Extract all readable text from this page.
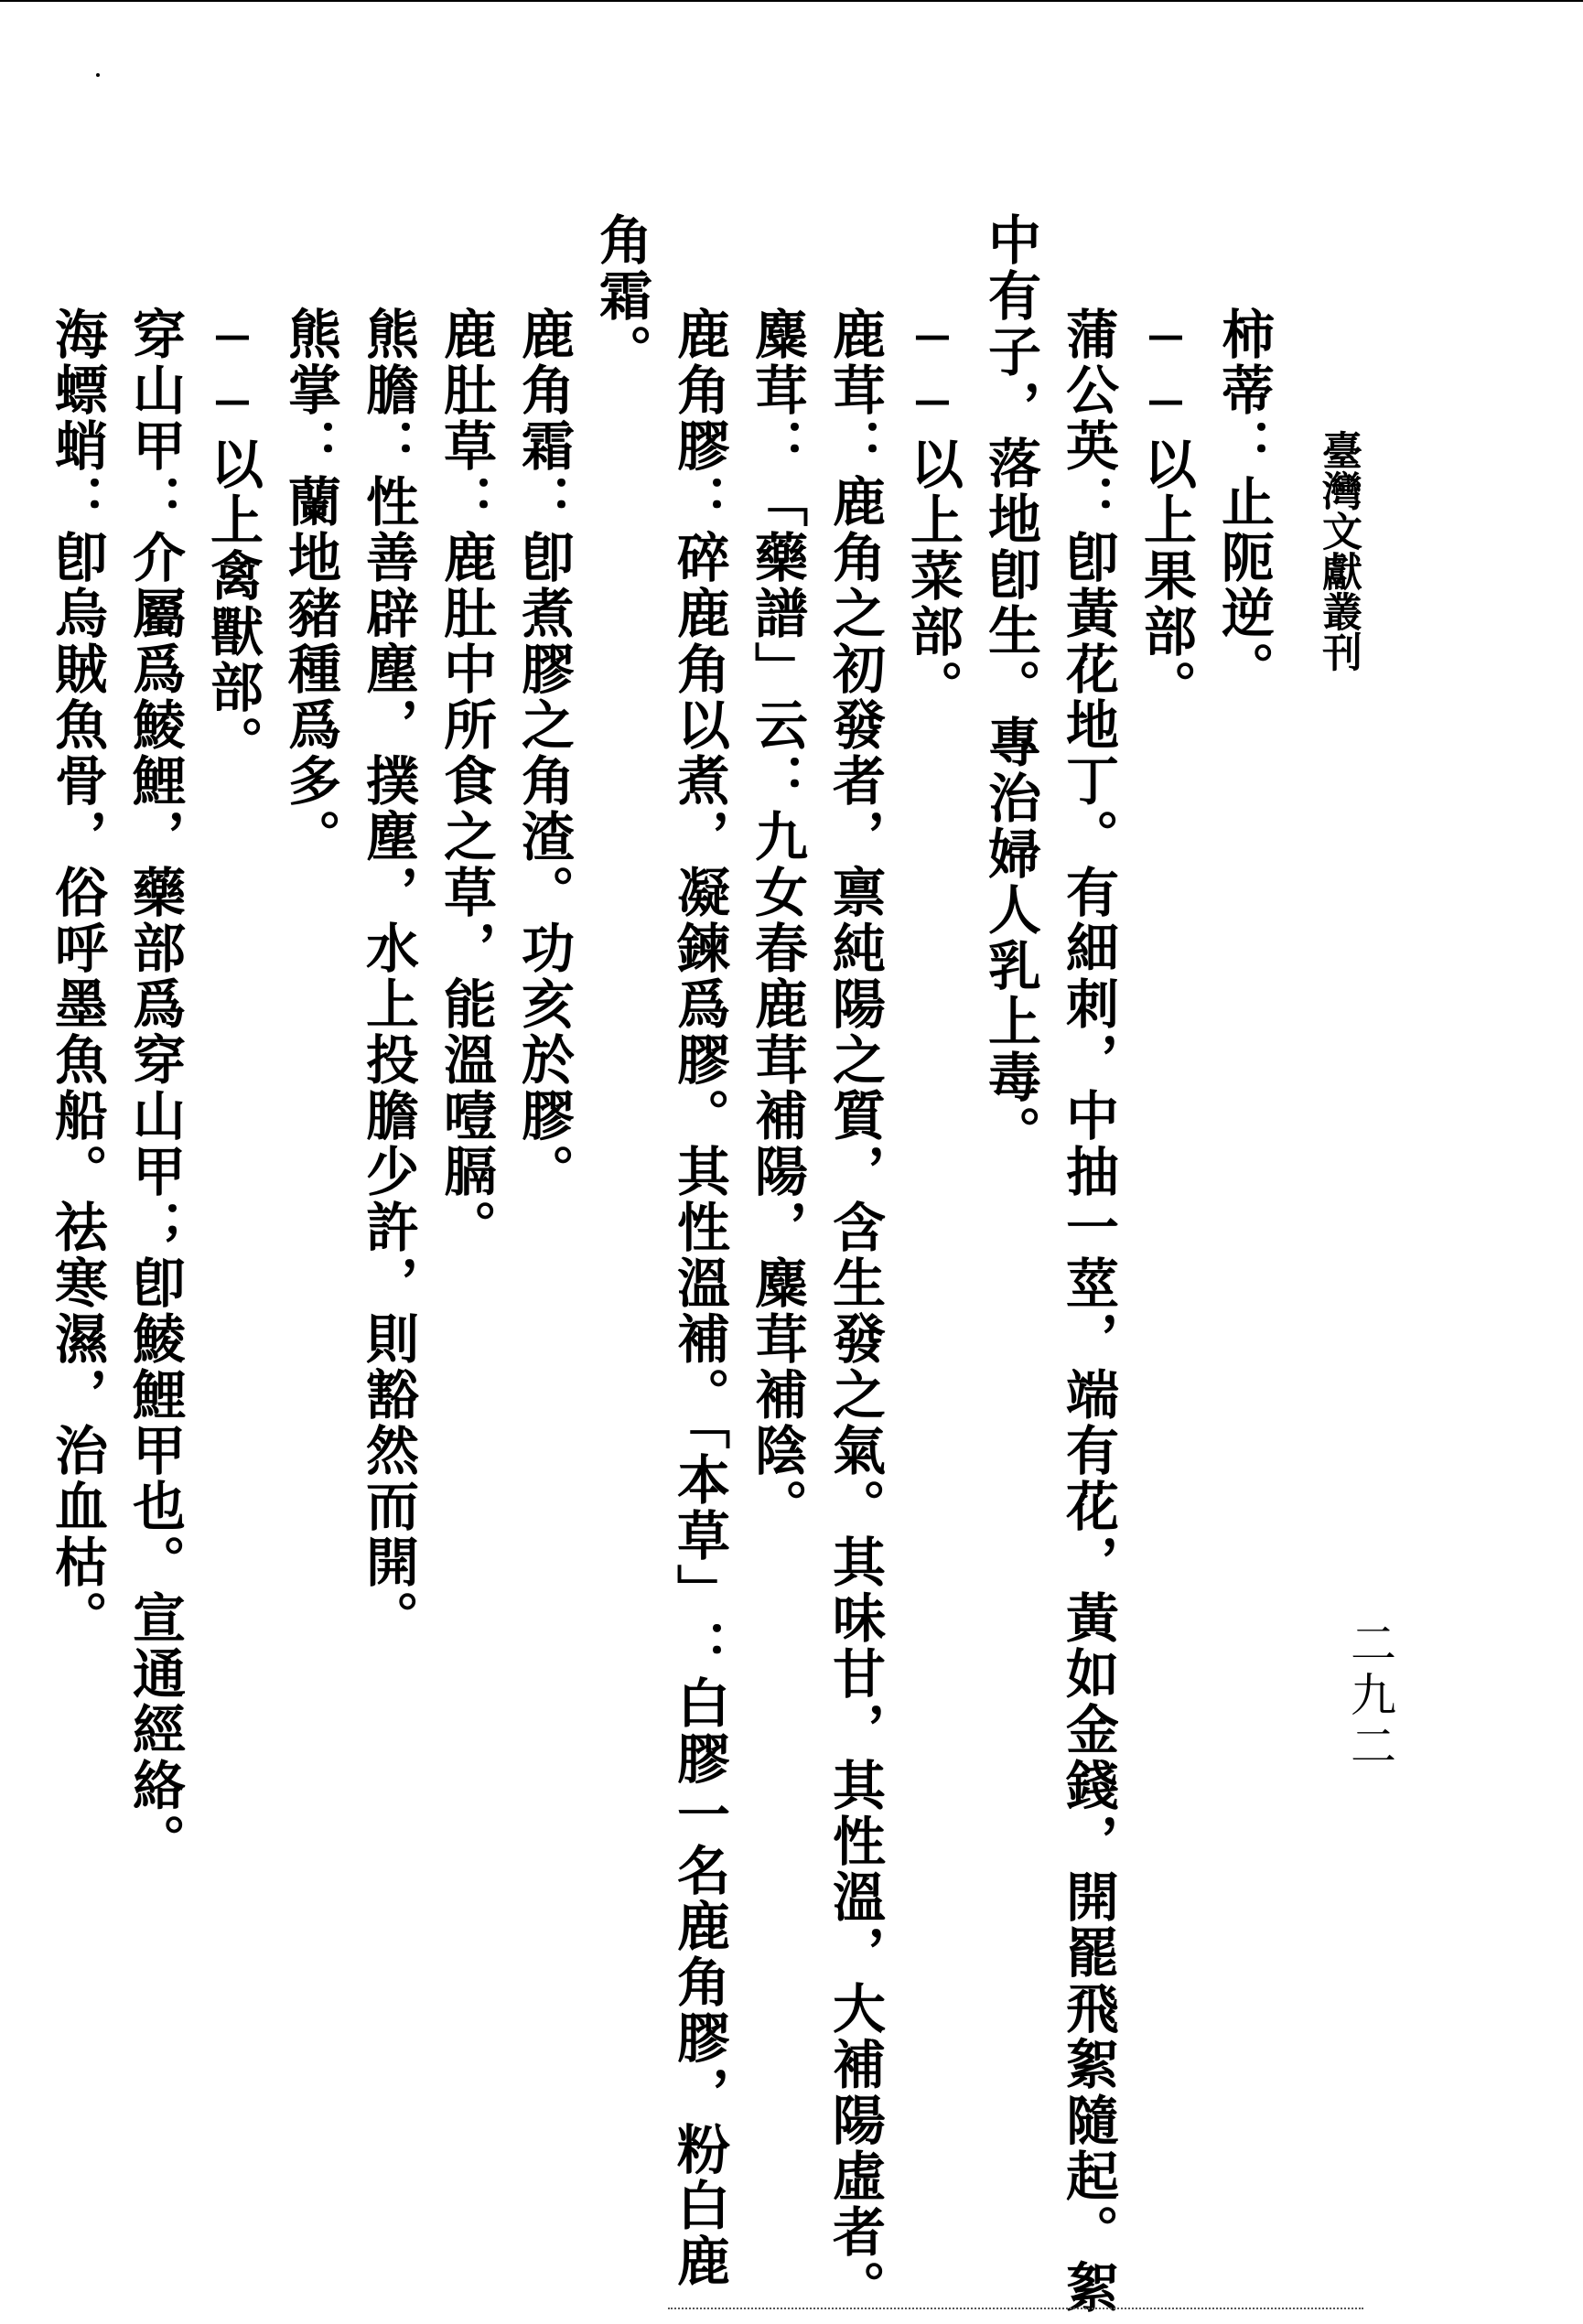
臺灣文獻叢刊
二九二
柿蒂：止阨逆。
──以上果部。
蒲公英：卽黃花地丁。有細刺，中抽一莖，端有花，黃如金錢，開罷飛絮隨起。絮
中有子，落地卽生。專治婦人乳上毒。
──以上菜部。
鹿茸：鹿角之初發者，禀純陽之質，含生發之氣。其味甘，其性溫，大補陽虛者。
麋茸：「藥譜」云：九女春鹿茸補陽，麋茸補陰。
鹿角膠：碎鹿角以煮，凝鍊爲膠。其性溫補。「本草」：白膠一名鹿角膠，粉白鹿
角霜。
鹿角霜：卽煮膠之角渣。功亥於膠。
鹿肚草：鹿肚中所食之草，能溫噎膈。
熊膽：性善辟塵，撲塵，水上投膽少許，則豁然而開。
熊掌：蘭地豬種爲多。
──以上禽獸部。
穿山甲：介屬爲鯪鯉，藥部爲穿山甲；卽鯪鯉甲也。宣通經絡。
海螵蛸：卽烏賊魚骨，俗呼墨魚船。祛寒濕，治血枯。
